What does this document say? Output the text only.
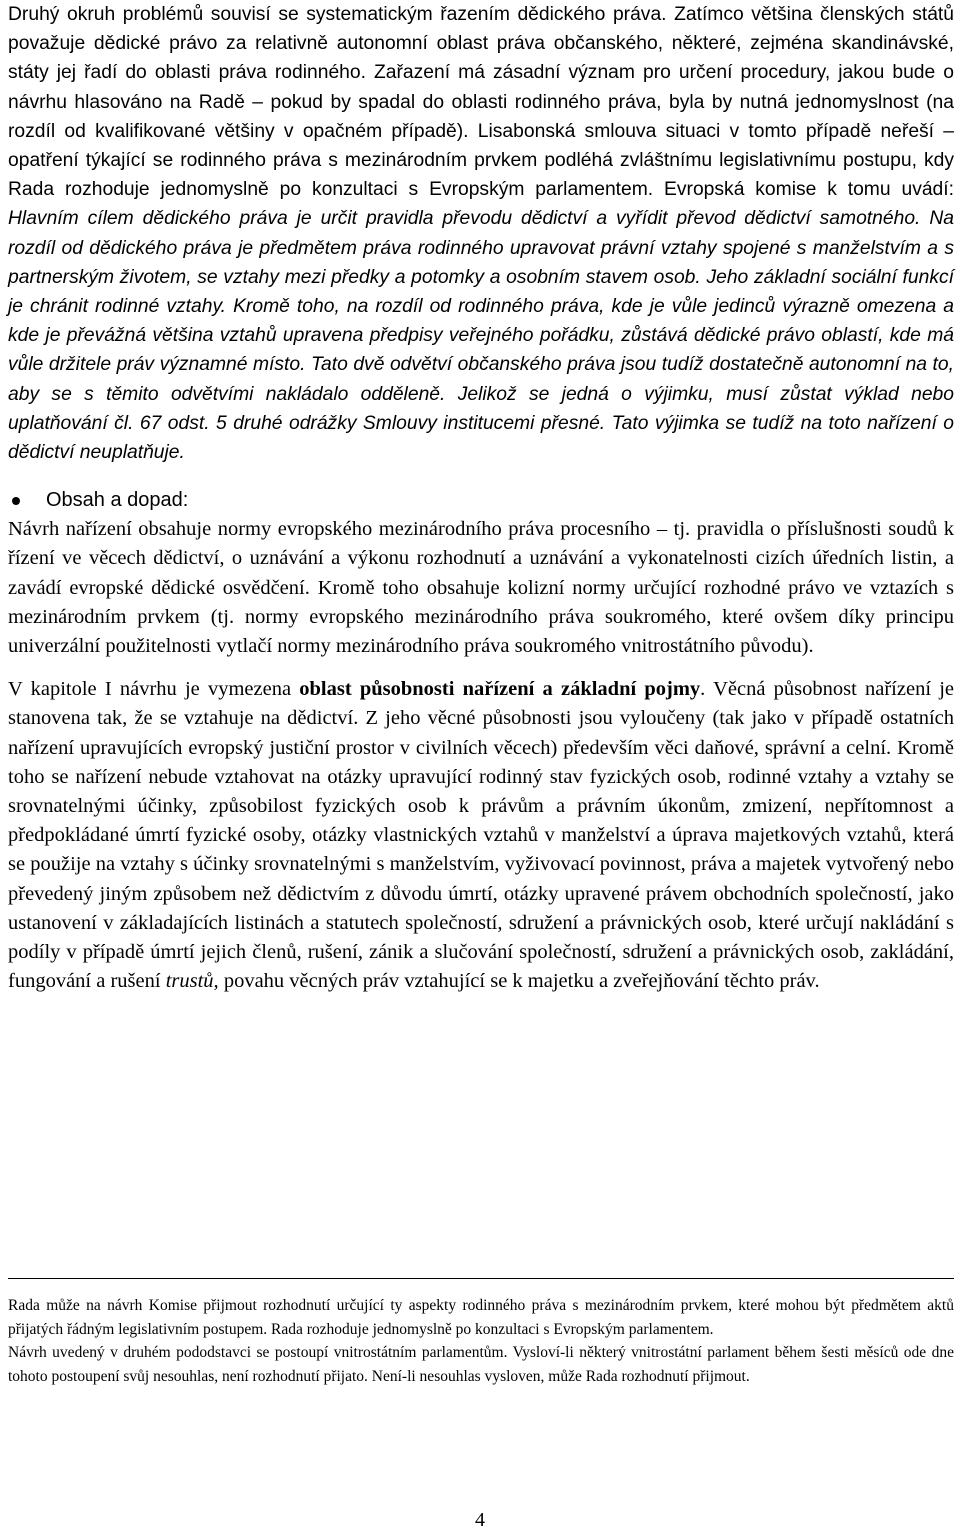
Druhý okruh problémů souvisí se systematickým řazením dědického práva. Zatímco většina členských států považuje dědické právo za relativně autonomní oblast práva občanského, některé, zejména skandinávské, státy jej řadí do oblasti práva rodinného. Zařazení má zásadní význam pro určení procedury, jakou bude o návrhu hlasováno na Radě – pokud by spadal do oblasti rodinného práva, byla by nutná jednomyslnost (na rozdíl od kvalifikované většiny v opačném případě). Lisabonská smlouva situaci v tomto případě neřeší – opatření týkající se rodinného práva s mezinárodním prvkem podléhá zvláštnímu legislativnímu postupu, kdy Rada rozhoduje jednomyslně po konzultaci s Evropským parlamentem. Evropská komise k tomu uvádí: Hlavním cílem dědického práva je určit pravidla převodu dědictví a vyřídit převod dědictví samotného. Na rozdíl od dědického práva je předmětem práva rodinného upravovat právní vztahy spojené s manželstvím a s partnerským životem, se vztahy mezi předky a potomky a osobním stavem osob. Jeho základní sociální funkcí je chránit rodinné vztahy. Kromě toho, na rozdíl od rodinného práva, kde je vůle jedinců výrazně omezena a kde je převážná většina vztahů upravena předpisy veřejného pořádku, zůstává dědické právo oblastí, kde má vůle držitele práv významné místo. Tato dvě odvětví občanského práva jsou tudíž dostatečně autonomní na to, aby se s těmito odvětvími nakládalo odděleně. Jelikož se jedná o výjimku, musí zůstat výklad nebo uplatňování čl. 67 odst. 5 druhé odrážky Smlouvy institucemi přesné. Tato výjimka se tudíž na toto nařízení o dědictví neuplatňuje.

Obsah a dopad:

Návrh nařízení obsahuje normy evropského mezinárodního práva procesního – tj. pravidla o příslušnosti soudů k řízení ve věcech dědictví, o uznávání a výkonu rozhodnutí a uznávání a vykonatelnosti cizích úředních listin, a zavádí evropské dědické osvědčení. Kromě toho obsahuje kolizní normy určující rozhodné právo ve vztazích s mezinárodním prvkem (tj. normy evropského mezinárodního práva soukromého, které ovšem díky principu univerzální použitelnosti vytlačí normy mezinárodního práva soukromého vnitrostátního původu).

V kapitole I návrhu je vymezena oblast působnosti nařízení a základní pojmy. Věcná působnost nařízení je stanovena tak, že se vztahuje na dědictví. Z jeho věcné působnosti jsou vyloučeny (tak jako v případě ostatních nařízení upravujících evropský justiční prostor v civilních věcech) především věci daňové, správní a celní. Kromě toho se nařízení nebude vztahovat na otázky upravující rodinný stav fyzických osob, rodinné vztahy a vztahy se srovnatelnými účinky, způsobilost fyzických osob k právům a právním úkonům, zmizení, nepřítomnost a předpokládané úmrtí fyzické osoby, otázky vlastnických vztahů v manželství a úprava majetkových vztahů, která se použije na vztahy s účinky srovnatelnými s manželstvím, vyživovací povinnost, práva a majetek vytvořený nebo převedený jiným způsobem než dědictvím z důvodu úmrtí, otázky upravené právem obchodních společností, jako ustanovení v základajících listinách a statutech společností, sdružení a právnických osob, které určují nakládání s podíly v případě úmrtí jejich členů, rušení, zánik a slučování společností, sdružení a právnických osob, zakládání, fungování a rušení trustů, povahu věcných práv vztahující se k majetku a zveřejňování těchto práv.

Rada může na návrh Komise přijmout rozhodnutí určující ty aspekty rodinného práva s mezinárodním prvkem, které mohou být předmětem aktů přijatých řádným legislativním postupem. Rada rozhoduje jednomyslně po konzultaci s Evropským parlamentem.

Návrh uvedený v druhém pododstavci se postoupí vnitrostátním parlamentům. Vysloví-li některý vnitrostátní parlament během šesti měsíců ode dne tohoto postoupení svůj nesouhlas, není rozhodnutí přijato. Není-li nesouhlas vysloven, může Rada rozhodnutí přijmout.

4
